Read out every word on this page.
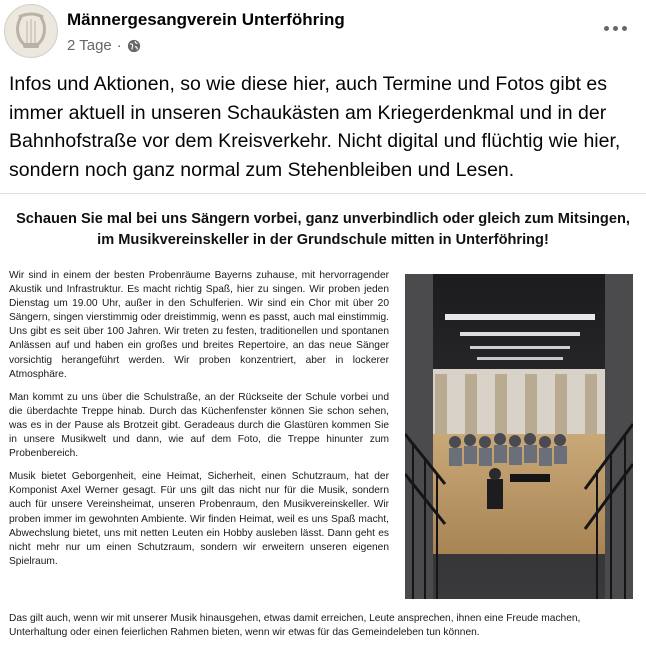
Männergesangverein Unterföhring
2 Tage ·
Infos und Aktionen, so wie diese hier, auch Termine und Fotos gibt es immer aktuell in unseren Schaukästen am Kriegerdenkmal und in der Bahnhofstraße vor dem Kreisverkehr. Nicht digital und flüchtig wie hier, sondern noch ganz normal zum Stehenbleiben und Lesen.
Schauen Sie mal bei uns Sängern vorbei, ganz unverbindlich oder gleich zum Mitsingen, im Musikvereinskeller in der Grundschule mitten in Unterföhring!

Wir sind in einem der besten Probenräume Bayerns zuhause, mit hervorragender Akustik und Infrastruktur. Es macht richtig Spaß, hier zu singen. Wir proben jeden Dienstag um 19.00 Uhr, außer in den Schulferien. Wir sind ein Chor mit über 20 Sängern, singen vierstimmig oder dreistimmig, wenn es passt, auch mal einstimmig. Uns gibt es seit über 100 Jahren. Wir treten zu festen, traditionellen und spontanen Anlässen auf und haben ein großes und breites Repertoire, an das neue Sänger vorsichtig herangeführt werden. Wir proben konzentriert, aber in lockerer Atmosphäre.

Man kommt zu uns über die Schulstraße, an der Rückseite der Schule vorbei und die überdachte Treppe hinab. Durch das Küchenfenster können Sie schon sehen, was es in der Pause als Brotzeit gibt. Geradeaus durch die Glastüren kommen Sie in unsere Musikwelt und dann, wie auf dem Foto, die Treppe hinunter zum Probenbereich.

Musik bietet Geborgenheit, eine Heimat, Sicherheit, einen Schutzraum, hat der Komponist Axel Werner gesagt. Für uns gilt das nicht nur für die Musik, sondern auch für unsere Vereinsheimat, unseren Probenraum, den Musikvereinskeller. Wir proben immer im gewohnten Ambiente. Wir finden Heimat, weil es uns Spaß macht, Abwechslung bietet, uns mit netten Leuten ein Hobby ausleben lässt. Dann geht es nicht mehr nur um einen Schutzraum, sondern wir erweitern unseren eigenen Spielraum.

Das gilt auch, wenn wir mit unserer Musik hinausgehen, etwas damit erreichen, Leute ansprechen, ihnen eine Freude machen, Unterhaltung oder einen feierlichen Rahmen bieten, wenn wir etwas für das Gemeindeleben tun können.
